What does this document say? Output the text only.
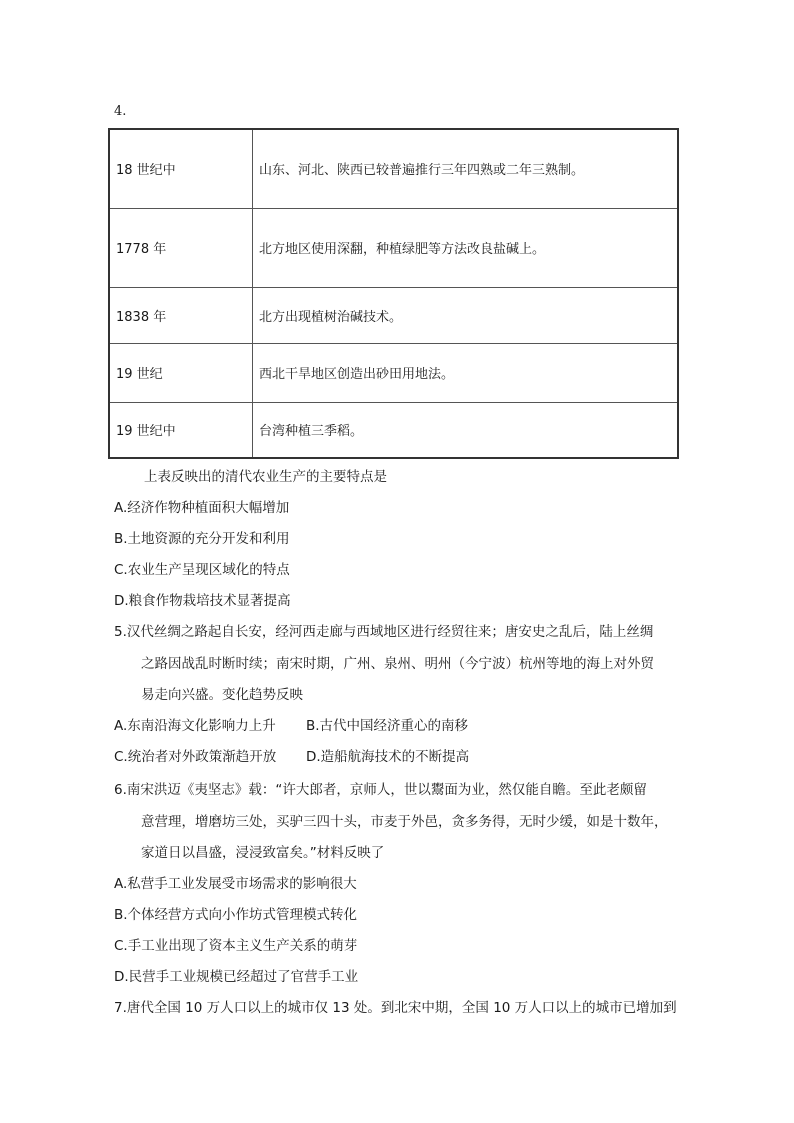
4.
18 世纪中	山东、河北、陕西已较普遍推行三年四熟或二年三熟制。
1778 年	北方地区使用深翻，种植绿肥等方法改良盐碱上。
1838 年	北方出现植树治碱技术。
19 世纪	西北干旱地区创造出砂田用地法。
19 世纪中	台湾种植三季稻。
上表反映出的清代农业生产的主要特点是
A.经济作物种植面积大幅增加
B.土地资源的充分开发和利用
C.农业生产呈现区域化的特点
D.粮食作物栽培技术显著提高
5.汉代丝绸之路起自长安，经河西走廊与西域地区进行经贸往来；唐安史之乱后，陆上丝绸
之路因战乱时断时续；南宋时期，广州、泉州、明州（今宁波）杭州等地的海上对外贸
易走向兴盛。变化趋势反映
A.东南沿海文化影响力上升 B.古代中国经济重心的南移
C.统治者对外政策渐趋开放 D.造船航海技术的不断提高
6.南宋洪迈《夷坚志》载：“许大郎者，京师人，世以鬻面为业，然仅能自瞻。至此老颇留
意营理，增磨坊三处，买驴三四十头，市麦于外邑，贪多务得，无时少缓，如是十数年，
家道日以昌盛，浸浸致富矣。”材料反映了
A.私营手工业发展受市场需求的影响很大
B.个体经营方式向小作坊式管理模式转化
C.手工业出现了资本主义生产关系的萌芽
D.民营手工业规模已经超过了官营手工业
7.唐代全国 10 万人口以上的城市仅 13 处。到北宋中期，全国 10 万人口以上的城市已增加到
